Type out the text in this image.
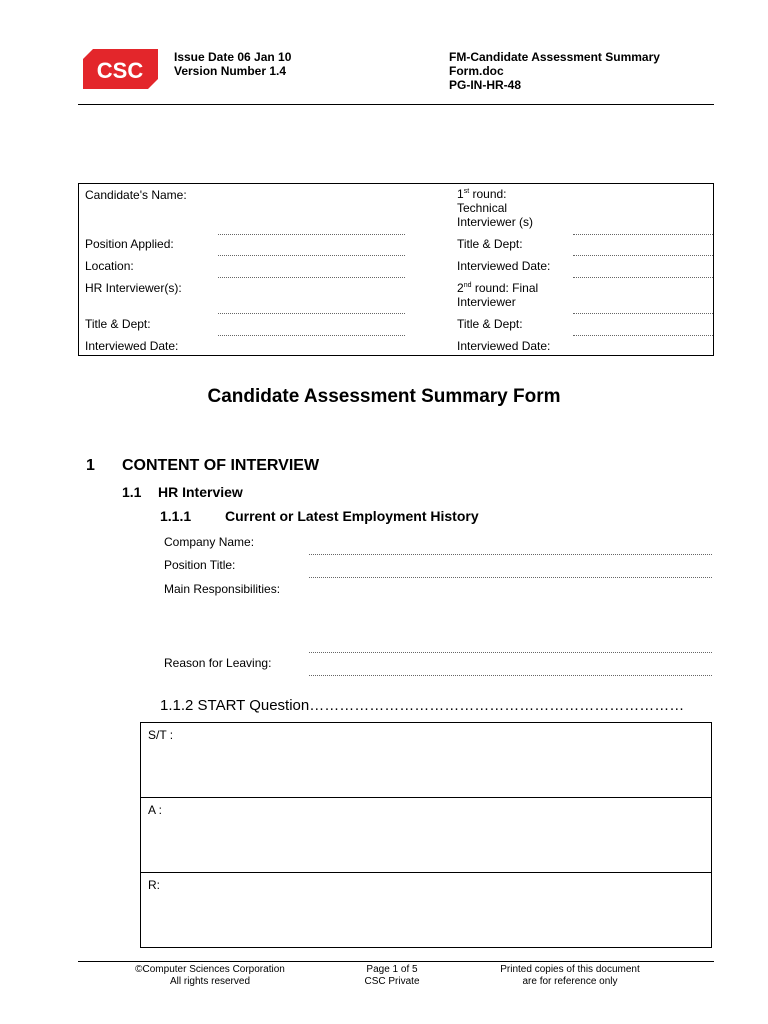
CSC
Issue Date 06 Jan 10
Version Number 1.4
FM-Candidate Assessment Summary
Form.doc
PG-IN-HR-48
Candidate's Name:
Position Applied:
Location:
HR Interviewer(s):
Title & Dept:
Interviewed Date:
1st round:
Technical
Interviewer (s)
Title & Dept:
Interviewed Date:
2nd round: Final
Interviewer
Title & Dept:
Interviewed Date:
Candidate Assessment Summary Form
1 CONTENT OF INTERVIEW
1.1 HR Interview
1.1.1 Current or Latest Employment History
Company Name:
Position Title:
Main Responsibilities:
Reason for Leaving:
1.1.2 START Question…………………………………………………………………
S/T :
A :
R:
©Computer Sciences Corporation
All rights reserved
Page 1 of 5
CSC Private
Printed copies of this document
are for reference only
